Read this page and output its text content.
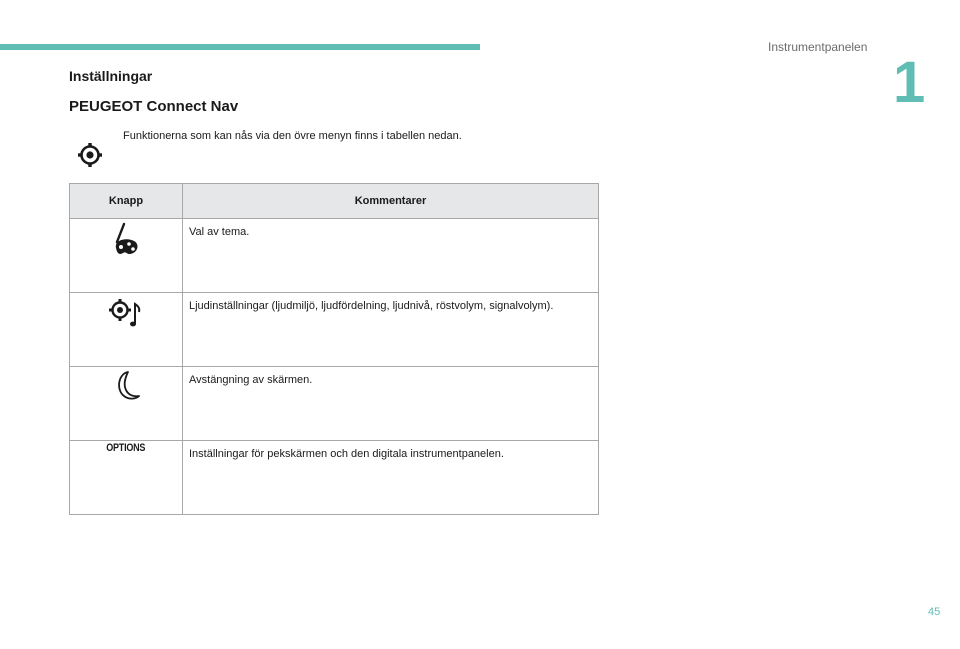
Instrumentpanelen
1
Inställningar
PEUGEOT Connect Nav
Funktionerna som kan nås via den övre menyn finns i tabellen nedan.
Knapp	Kommentarer
	Val av tema.
	Ljudinställningar (ljudmiljö, ljudfördelning, ljudnivå, röstvolym, signalvolym).
	Avstängning av skärmen.
OPTIONS	Inställningar för pekskärmen och den digitala instrumentpanelen.
45
